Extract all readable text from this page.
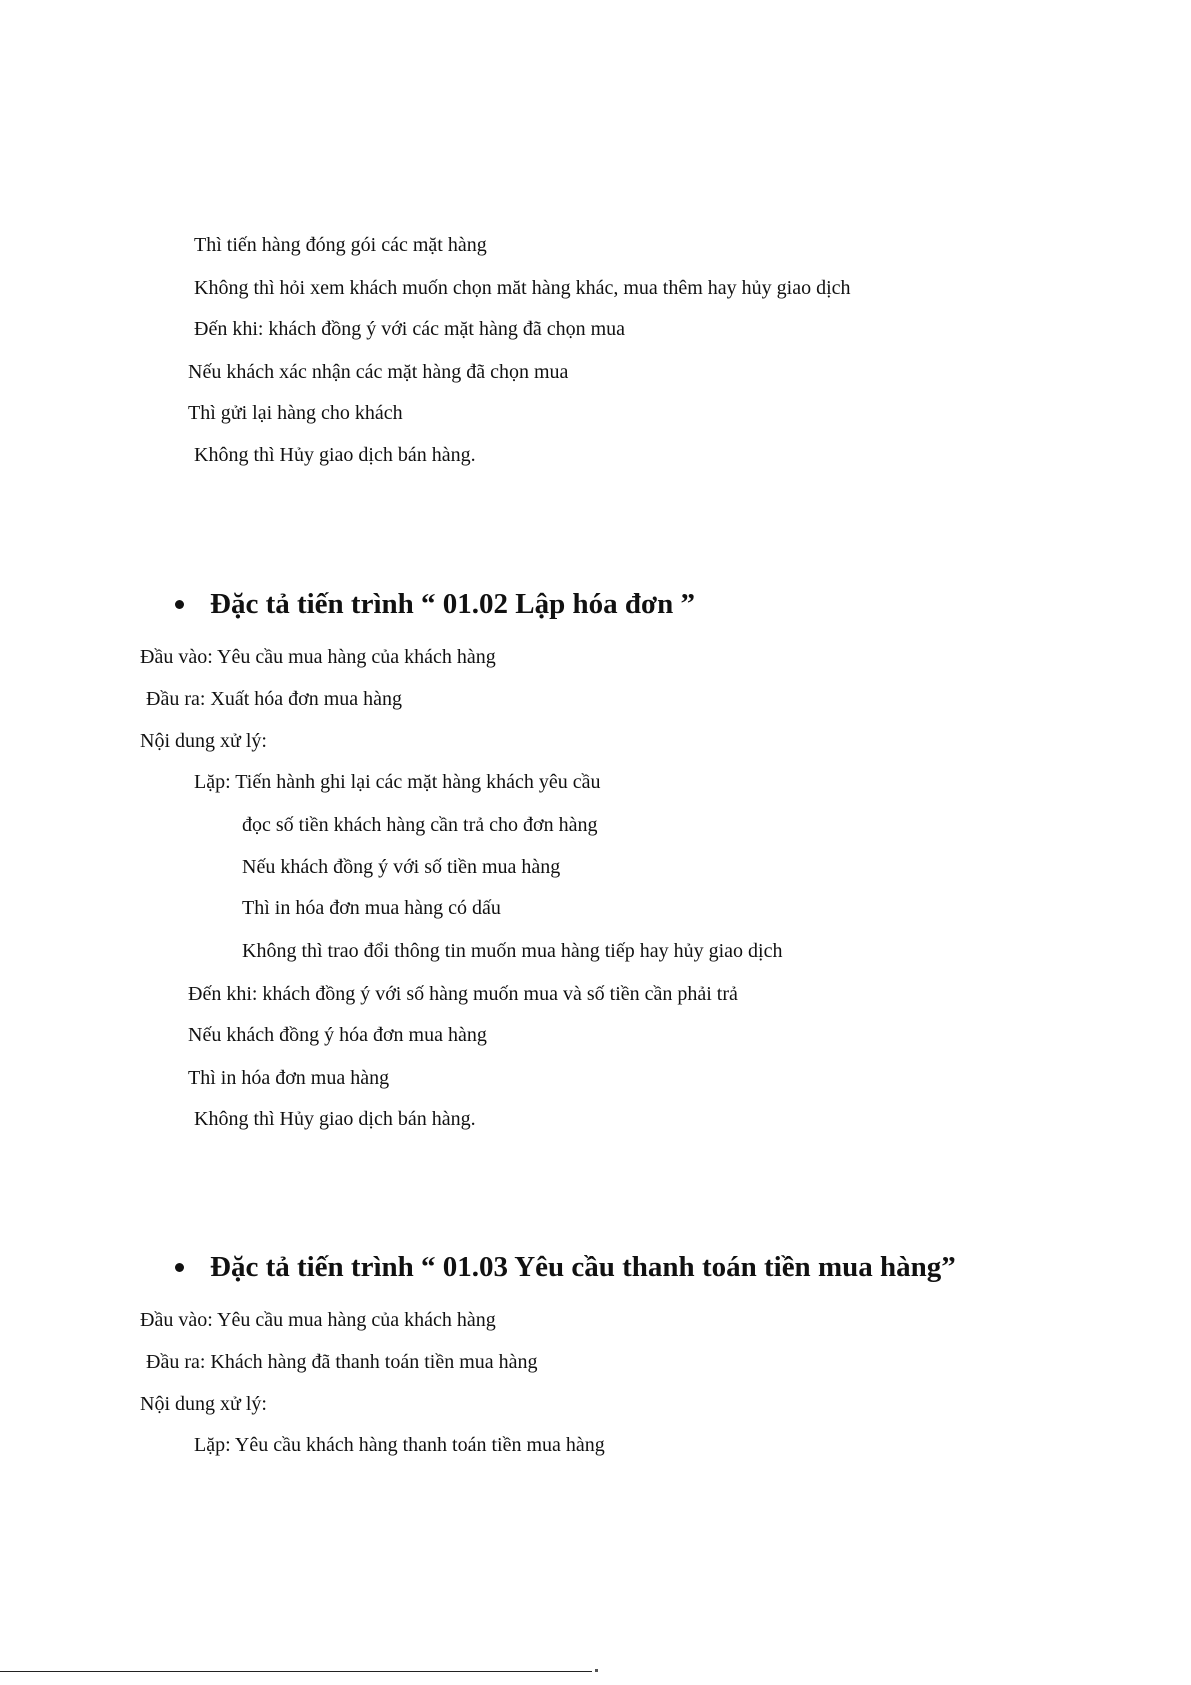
Thì tiến hàng đóng gói các mặt hàng
Không thì hỏi xem khách muốn chọn măt hàng khác, mua thêm hay hủy giao dịch
Đến khi: khách đồng ý với các mặt hàng đã chọn mua
Nếu khách xác nhận các mặt hàng đã chọn mua
Thì gửi lại hàng cho khách
Không thì Hủy giao dịch bán hàng.
Đặc tả tiến trình “ 01.02 Lập hóa đơn ”
Đầu vào: Yêu cầu mua hàng của khách hàng
Đầu ra: Xuất hóa đơn mua hàng
Nội dung xử lý:
Lặp: Tiến hành ghi lại các mặt hàng khách yêu cầu
đọc số tiền khách hàng cần trả cho đơn hàng
Nếu khách đồng ý với số tiền mua hàng
Thì in hóa đơn mua hàng có dấu
Không thì trao đổi thông tin muốn mua hàng tiếp hay hủy giao dịch
Đến khi: khách đồng ý với số hàng muốn mua và số tiền cần phải trả
Nếu khách đồng ý hóa đơn mua hàng
Thì in hóa đơn mua hàng
Không thì Hủy giao dịch bán hàng.
Đặc tả tiến trình “ 01.03 Yêu cầu thanh toán tiền mua hàng”
Đầu vào: Yêu cầu mua hàng của khách hàng
Đầu ra: Khách hàng đã thanh toán tiền mua hàng
Nội dung xử lý:
Lặp: Yêu cầu khách hàng thanh toán tiền mua hàng
